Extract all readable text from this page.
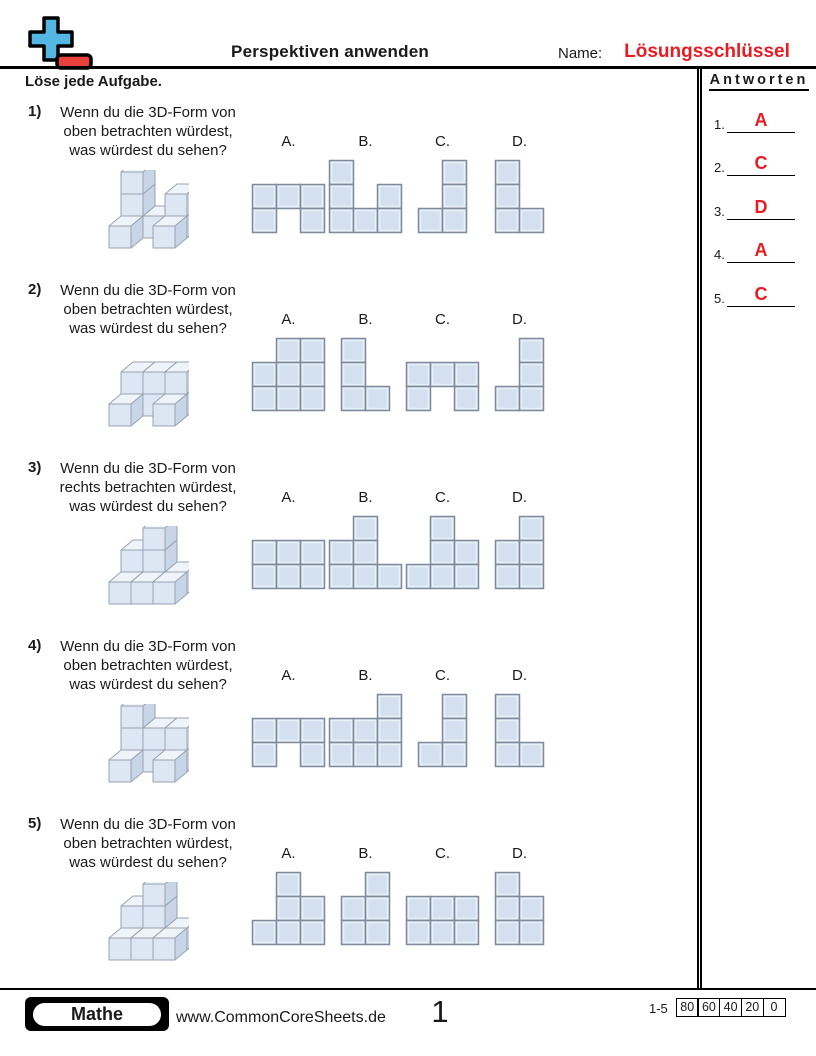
Perspektiven anwenden	Name: Lösungsschlüssel
Löse jede Aufgabe.	Antworten
1.	A
2.	C
3.	D
4.	A
5.	C
1)	Wenn du die 3D-Form von
oben betrachten würdest,
was würdest du sehen?
A.	B.	C.	D.
2)	Wenn du die 3D-Form von
oben betrachten würdest,
was würdest du sehen?
A.	B.	C.	D.
3)	Wenn du die 3D-Form von
rechts betrachten würdest,
was würdest du sehen?
A.	B.	C.	D.
4)	Wenn du die 3D-Form von
oben betrachten würdest,
was würdest du sehen?
A.	B.	C.	D.
5)	Wenn du die 3D-Form von
oben betrachten würdest,
was würdest du sehen?
A.	B.	C.	D.
Mathe	www.CommonCoreSheets.de	1	1-5 80 60 40 20 0
